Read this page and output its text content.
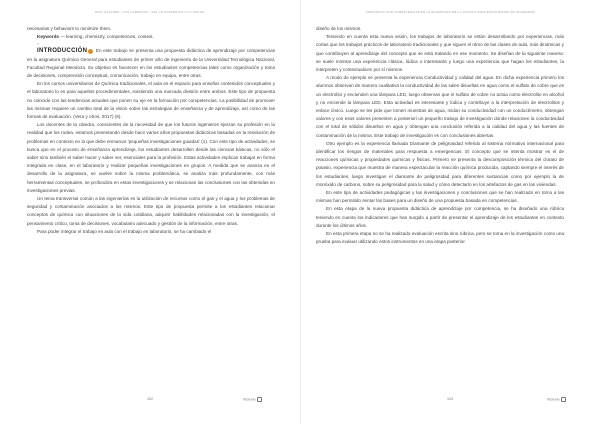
RUDI GALARDO, LUIS CARDENAS · DEL LO ACADÉMICO A LO SOCIAL	PROPUESTA POR COMPETENCIAS EN LA ENSEÑANZA DE LA QUÍMICA PARA ESTUDIANTES DE INGENIERÍA

necesarias y behaviors to minimize them.

Keywords — learning, chemistry, competencies, context.

»

INTRODUCCIÓN En este trabajo se presenta una propuesta didáctica de aprendizaje por competencias en la asignatura Química General para estudiantes de primer año de ingeniería de la Universidad Tecnológica Nacional, Facultad Regional Mendoza. Su objetivo es favorecer en los estudiantes competencias tales como organización y toma de decisiones, comprensión conceptual, comunicación, trabajo en equipo, entre otras.

En los cursos universitarios de Química tradicionales, el aula es el espacio para enseñar contenidos conceptuales y el laboratorio lo es para aquellos procedimentales, existiendo una marcada división entre ambos. Este tipo de propuesta no coincide con las tendencias actuales que ponen su eje en la formación por competencias. La posibilidad de promover las mismas requiere un cambio total de la visión sobre las estrategias de enseñanza y de aprendizaje, así como de las formas de evaluación. (Vera y otros, 2017) (6).

Los docentes de la cátedra, conscientes de la necesidad de que los futuros ingenieros ejerzan su profesión en la realidad que los rodea, estamos presentando desde hace varios años propuestas didácticas basadas en la resolución de problemas en contexto en la que debe enmarcar 'pequeñas investigaciones guiadas' (1). Con este tipo de actividades, se busca que en el proceso de enseñanza aprendizaje, los estudiantes desarrollen desde las ciencias básicas, no sólo el saber sino también el saber hacer y saber ser, esenciales para la profesión. Estas actividades implican trabajar en forma integrada en clase, en el laboratorio y realizar pequeñas investigaciones en grupos. A medida que se avanza en el desarrollo de la asignatura, se vuelve sobre la misma problemática, se analiza más profundamente, con más herramientas conceptuales, se profundiza en estas investigaciones y se relacionan las conclusiones con las obtenidas en investigaciones previas.

Un tema transversal común a las ingenierías es la utilización de recursos como el gas y el agua y los problemas de seguridad y contaminación asociados a los mismos. Este tipo de propuesta permite a los estudiantes relacionar conceptos de química con situaciones de la vida cotidiana, adquirir habilidades relacionadas con la investigación, el pensamiento crítico, toma de decisiones, vocabulario adecuado y gestión de la información, entre otras.

Para poder integrar el trabajo en aula con el trabajo en laboratorio, se ha cambiado el

diseño de los mismos.

Teniendo en cuenta esta nueva visión, los trabajos de laboratorio se están desarrollando por experiencias, más cortas que los trabajos prácticos de laboratorio tradicionales y que siguen el ritmo de las clases de aula, más dinámicas y que contribuyen al aprendizaje del concepto que se está tratando en ese momento. Se diseñan de la siguiente manera: se suele mostrar una experiencia clásica, lúdica o interesante y luego una experiencia que hagan los estudiantes, la interpreten y contextualicen por sí mismos.

A modo de ejemplo se presenta la experiencia Conductividad y calidad del agua. En dicha experiencia primero los alumnos observan de manera cualitativa la conductividad de las sales disueltas en agua como el sulfato de cobre que es un electrolito y encienden una lámpara LED, luego observan que el sulfato de cobre no actúa como electrolito en alcohol y no enciende la lámpara LED. Esta actividad es interesante y lúdica y contribuye a la interpretación de electrolitos y enlace iónico. Luego se les pide que tomen muestras de agua, midan su conductividad con un conductímetro, obtengan valores y con esos valores presenten a posteriori un pequeño trabajo de investigación donde relacionen la conductividad con el total de sólidos disueltos en agua y obtengan una conclusión referida a la calidad del agua y las fuentes de contaminación de la misma. Este trabajo de investigación es con conclusiones abiertas.

Otro ejemplo es la experiencia llamada Diamante de peligrosidad referido al sistema normativo internacional para identificar los riesgos de materiales para respuesta a emergencias. El concepto que se intenta mostrar es el de reacciones químicas y propiedades químicas y físicas. Primero se presenta la descomposición térmica del clorato de potasio, experiencia que muestra de manera espectacular la reacción química producida, captando siempre el interés de los estudiantes, luego investigan el diamante de peligrosidad para diferentes sustancias como por ejemplo la de monóxido de carbono, sobre su peligrosidad para la salud y cómo detectarlo en los artefactos de gas en las viviendas.

En este tipo de actividades pedagógicas y las investigaciones y conclusiones que se han realizado en torno a las mismas han permitido sentar las bases para un diseño de una propuesta basada en competencias.

En esta etapa de la nueva propuesta didáctica de aprendizaje por competencia, se ha diseñado una rúbrica teniendo en cuenta los indicadores que han surgido a partir de presentar el aprendizaje de los estudiantes en contexto durante los últimos años.

En esta primera etapa no se ha realizado evaluación escrita sino rúbrica, pero se toma en la investigación como una prueba para evaluar utilizando estos instrumentos en una etapa posterior.

102	InGenio	103	InGenio
